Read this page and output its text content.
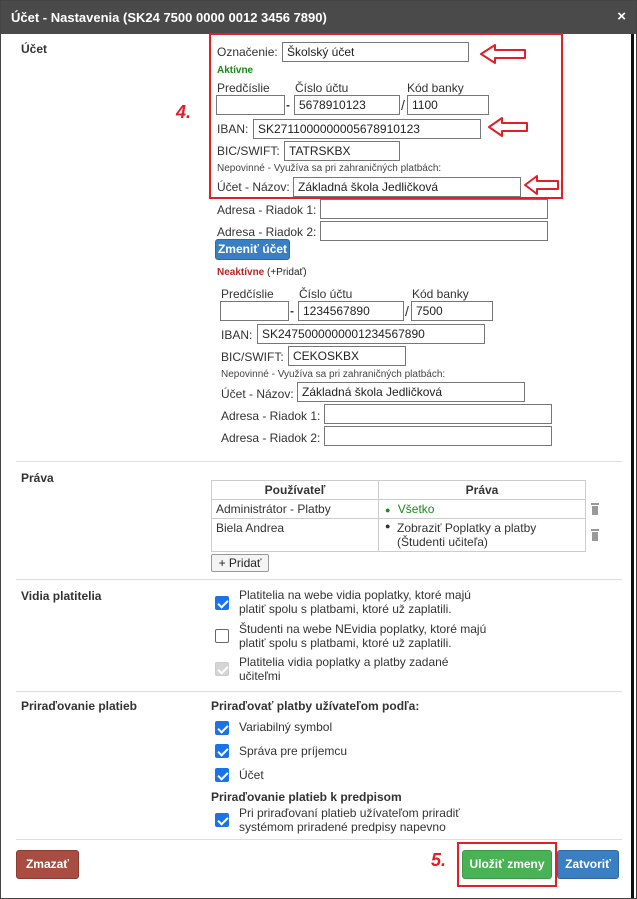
Účet - Nastavenia (SK24 7500 0000 0012 3456 7890)	×
Účet	Označenie: Školský účet
Aktívne
Predčíslie Číslo účtu	Kód banky
- 5678910123	/ 1100
IBAN: SK2711000000005678910123
BIC/SWIFT: TATRSKBX
Nepovinné - Využíva sa pri zahraničných platbách:
Účet - Názov: Základná škola Jedličková
Adresa - Riadok 1:
Adresa - Riadok 2:
Zmeniť účet
Neaktívne (+Pridať)
Predčíslie Číslo účtu	Kód banky
- 1234567890	/ 7500
IBAN: SK2475000000001234567890
BIC/SWIFT: CEKOSKBX
Nepovinné - Využíva sa pri zahraničných platbách:
Účet - Názov: Základná škola Jedličková
Adresa - Riadok 1:
Adresa - Riadok 2:
Práva
Používateľ	Práva
Administrátor - Platby	● Všetko
Biela Andrea	● Zobraziť Poplatky a platby (Študenti učiteľa)
+ Pridať
Vidia platitelia	Platitelia na webe vidia poplatky, ktoré majú platiť spolu s platbami, ktoré už zaplatili.
Študenti na webe NEvidia poplatky, ktoré majú platiť spolu s platbami, ktoré už zaplatili.
Platitelia vidia poplatky a platby zadané učiteľmi
Priraďovanie platieb	Priraďovať platby užívateľom podľa:
Variabilný symbol
Správa pre príjemcu
Účet
Priraďovanie platieb k predpisom
Pri priraďovaní platieb užívateľom priradiť systémom priradené predpisy napevno
Zmazať	Uložiť zmeny	Zatvoriť
4.
5.
